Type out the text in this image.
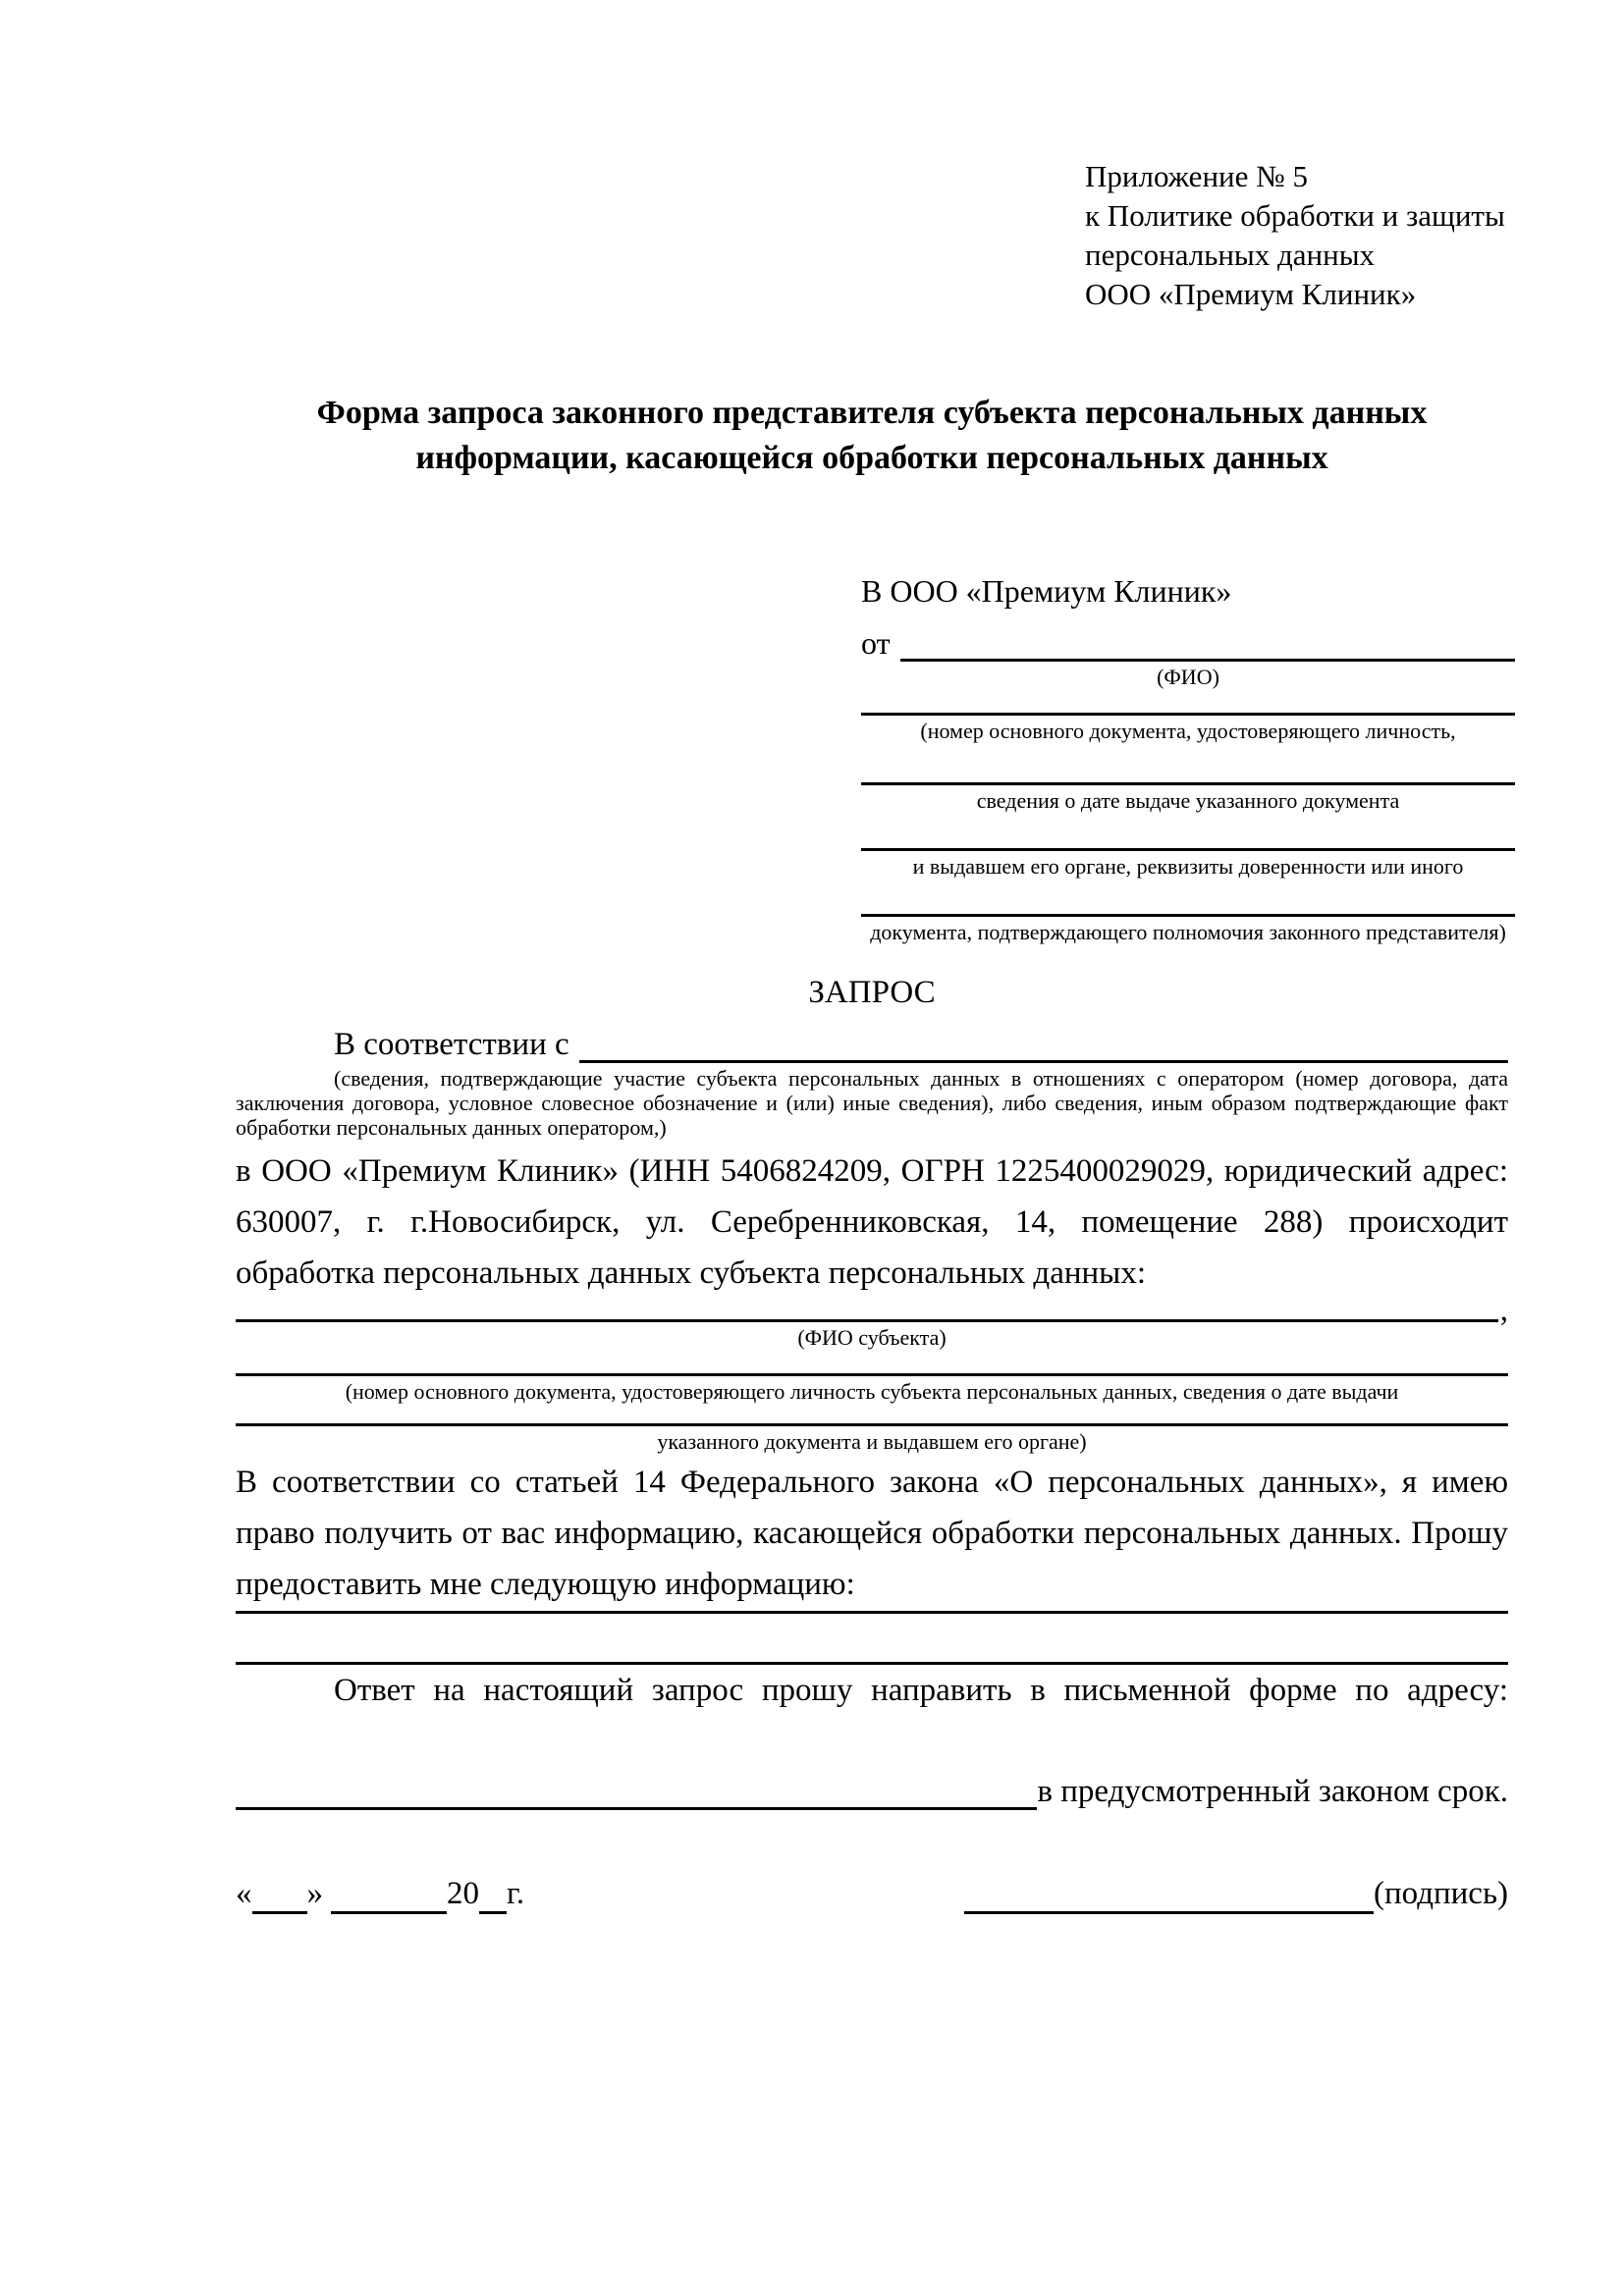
Приложение № 5
к Политике обработки и защиты
персональных данных
ООО «Премиум Клиник»
Форма запроса законного представителя субъекта персональных данных
информации, касающейся обработки персональных данных
В ООО «Премиум Клиник»
от
(ФИО)
(номер основного документа, удостоверяющего личность,
сведения о дате выдаче указанного документа
и выдавшем его органе, реквизиты доверенности или иного
документа, подтверждающего полномочия законного представителя)
ЗАПРОС
В соответствии с
(сведения, подтверждающие участие субъекта персональных данных в отношениях с оператором (номер договора, дата заключения договора, условное словесное обозначение и (или) иные сведения), либо сведения, иным образом подтверждающие факт обработки персональных данных оператором,)

в ООО «Премиум Клиник» (ИНН 5406824209, ОГРН 1225400029029, юридический адрес: 630007, г. г.Новосибирск, ул. Серебренниковская, 14, помещение 288) происходит обработка персональных данных субъекта персональных данных:

,
(ФИО субъекта)
(номер основного документа, удостоверяющего личность субъекта персональных данных, сведения о дате выдачи
указанного документа и выдавшем его органе)

В соответствии со статьей 14 Федерального закона «О персональных данных», я имею право получить от вас информацию, касающейся обработки персональных данных. Прошу предоставить мне следующую информацию:

Ответ на настоящий запрос прошу направить в письменной форме по адресу:

в предусмотренный законом срок.
« »	20 г.	(подпись)
